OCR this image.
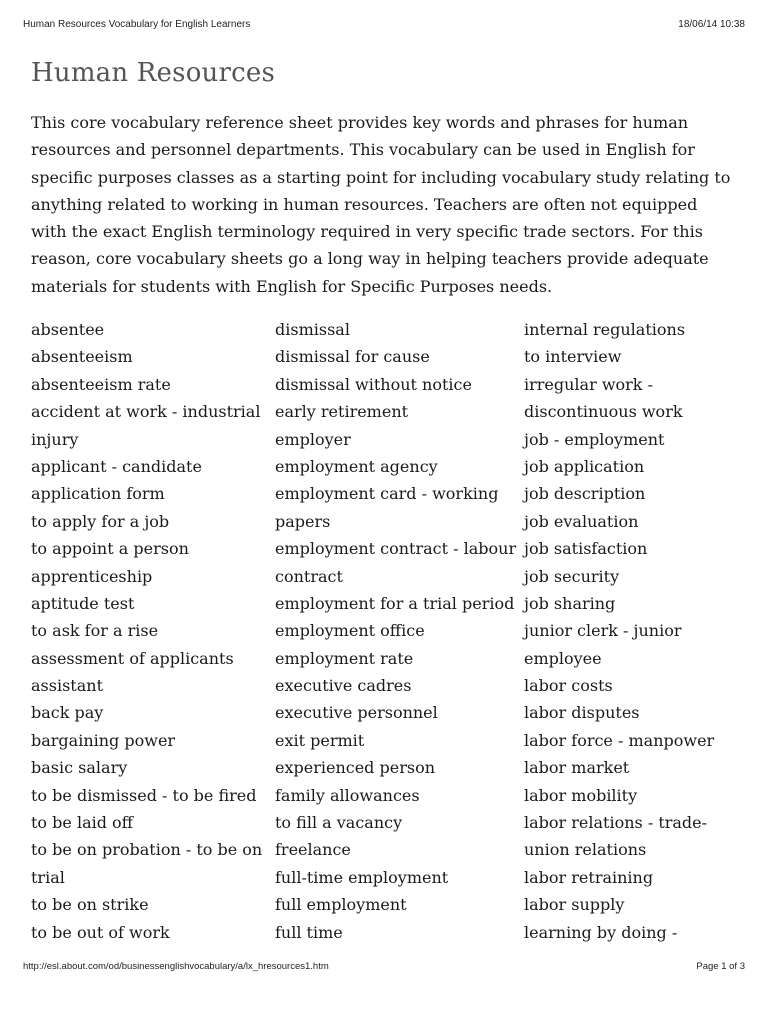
Human Resources Vocabulary for English Learners	18/06/14 10:38
Human Resources

This core vocabulary reference sheet provides key words and phrases for human resources and personnel departments. This vocabulary can be used in English for specific purposes classes as a starting point for including vocabulary study relating to anything related to working in human resources. Teachers are often not equipped with the exact English terminology required in very specific trade sectors. For this reason, core vocabulary sheets go a long way in helping teachers provide adequate materials for students with English for Specific Purposes needs.

absentee
absenteeism
absenteeism rate
accident at work - industrial
injury
applicant - candidate
application form
to apply for a job
to appoint a person
apprenticeship
aptitude test
to ask for a rise
assessment of applicants
assistant
back pay
bargaining power
basic salary
to be dismissed - to be fired
to be laid off
to be on probation - to be on
trial
to be on strike
to be out of work
dismissal
dismissal for cause
dismissal without notice
early retirement
employer
employment agency
employment card - working
papers
employment contract - labour
contract
employment for a trial period
employment office
employment rate
executive cadres
executive personnel
exit permit
experienced person
family allowances
to fill a vacancy
freelance
full-time employment
full employment
full time
internal regulations
to interview
irregular work -
discontinuous work
job - employment
job application
job description
job evaluation
job satisfaction
job security
job sharing
junior clerk - junior
employee
labor costs
labor disputes
labor force - manpower
labor market
labor mobility
labor relations - trade-
union relations
labor retraining
labor supply
learning by doing -
http://esl.about.com/od/businessenglishvocabulary/a/lx_hresources1.htm	Page 1 of 3
